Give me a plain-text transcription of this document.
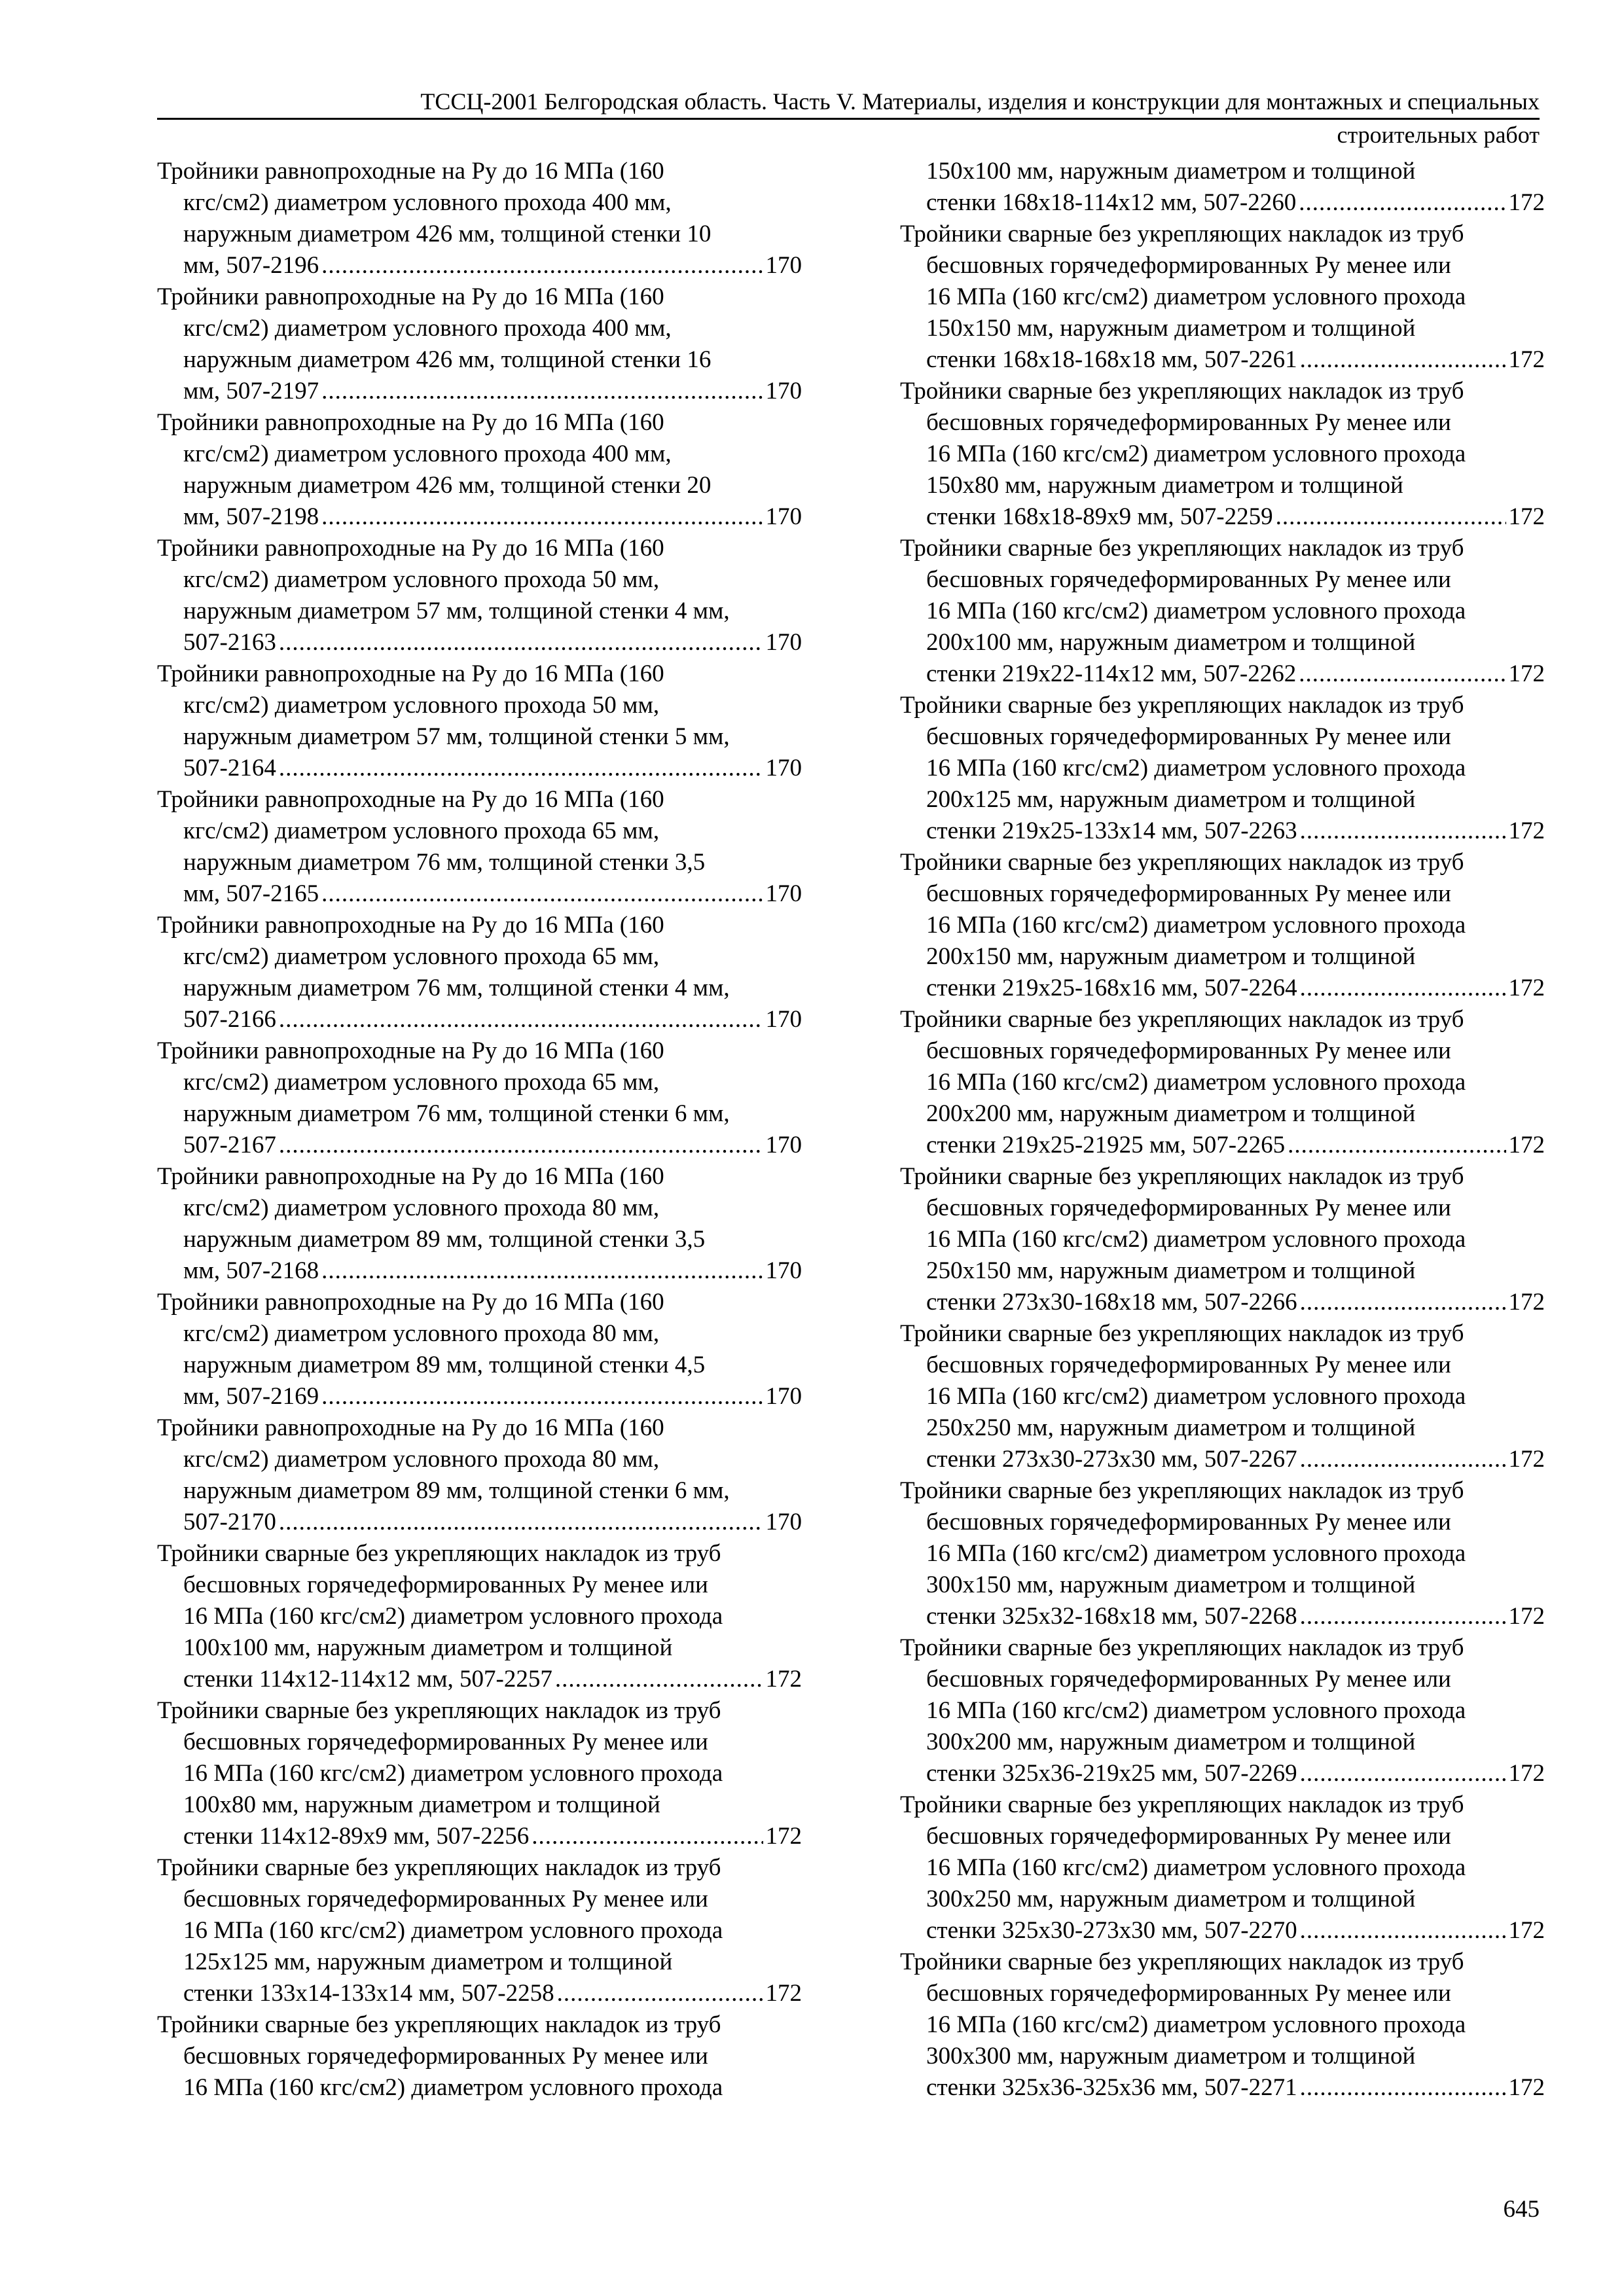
ТССЦ-2001 Белгородская область. Часть V. Материалы, изделия и конструкции для монтажных и специальных
строительных работ
Тройники равнопроходные на Ру до 16 МПа (160
кгс/см2) диаметром условного прохода 400 мм,
наружным диаметром 426 мм, толщиной стенки 10
мм, 507-2196 .....	170
Тройники равнопроходные на Ру до 16 МПа (160
кгс/см2) диаметром условного прохода 400 мм,
наружным диаметром 426 мм, толщиной стенки 16
мм, 507-2197 .....	170
Тройники равнопроходные на Ру до 16 МПа (160
кгс/см2) диаметром условного прохода 400 мм,
наружным диаметром 426 мм, толщиной стенки 20
мм, 507-2198 .....	170
Тройники равнопроходные на Ру до 16 МПа (160
кгс/см2) диаметром условного прохода 50 мм,
наружным диаметром 57 мм, толщиной стенки 4 мм,
507-2163 .....	170
Тройники равнопроходные на Ру до 16 МПа (160
кгс/см2) диаметром условного прохода 50 мм,
наружным диаметром 57 мм, толщиной стенки 5 мм,
507-2164 .....	170
Тройники равнопроходные на Ру до 16 МПа (160
кгс/см2) диаметром условного прохода 65 мм,
наружным диаметром 76 мм, толщиной стенки 3,5
мм, 507-2165 .....	170
Тройники равнопроходные на Ру до 16 МПа (160
кгс/см2) диаметром условного прохода 65 мм,
наружным диаметром 76 мм, толщиной стенки 4 мм,
507-2166 .....	170
Тройники равнопроходные на Ру до 16 МПа (160
кгс/см2) диаметром условного прохода 65 мм,
наружным диаметром 76 мм, толщиной стенки 6 мм,
507-2167 .....	170
Тройники равнопроходные на Ру до 16 МПа (160
кгс/см2) диаметром условного прохода 80 мм,
наружным диаметром 89 мм, толщиной стенки 3,5
мм, 507-2168 .....	170
Тройники равнопроходные на Ру до 16 МПа (160
кгс/см2) диаметром условного прохода 80 мм,
наружным диаметром 89 мм, толщиной стенки 4,5
мм, 507-2169 .....	170
Тройники равнопроходные на Ру до 16 МПа (160
кгс/см2) диаметром условного прохода 80 мм,
наружным диаметром 89 мм, толщиной стенки 6 мм,
507-2170 .....	170
Тройники сварные без укрепляющих накладок из труб
бесшовных горячедеформированных Ру менее или
16 МПа (160 кгс/см2) диаметром условного прохода
100х100 мм, наружным диаметром и толщиной
стенки 114х12-114х12 мм, 507-2257 .....	172
Тройники сварные без укрепляющих накладок из труб
бесшовных горячедеформированных Ру менее или
16 МПа (160 кгс/см2) диаметром условного прохода
100х80 мм, наружным диаметром и толщиной
стенки 114х12-89х9 мм, 507-2256 .....	172
Тройники сварные без укрепляющих накладок из труб
бесшовных горячедеформированных Ру менее или
16 МПа (160 кгс/см2) диаметром условного прохода
125х125 мм, наружным диаметром и толщиной
стенки 133х14-133х14 мм, 507-2258 .....	172
Тройники сварные без укрепляющих накладок из труб
бесшовных горячедеформированных Ру менее или
16 МПа (160 кгс/см2) диаметром условного прохода
150х100 мм, наружным диаметром и толщиной
стенки 168х18-114х12 мм, 507-2260 .....	172
Тройники сварные без укрепляющих накладок из труб
бесшовных горячедеформированных Ру менее или
16 МПа (160 кгс/см2) диаметром условного прохода
150х150 мм, наружным диаметром и толщиной
стенки 168х18-168х18 мм, 507-2261 .....	172
Тройники сварные без укрепляющих накладок из труб
бесшовных горячедеформированных Ру менее или
16 МПа (160 кгс/см2) диаметром условного прохода
150х80 мм, наружным диаметром и толщиной
стенки 168х18-89х9 мм, 507-2259 .....	172
Тройники сварные без укрепляющих накладок из труб
бесшовных горячедеформированных Ру менее или
16 МПа (160 кгс/см2) диаметром условного прохода
200х100 мм, наружным диаметром и толщиной
стенки 219х22-114х12 мм, 507-2262 .....	172
Тройники сварные без укрепляющих накладок из труб
бесшовных горячедеформированных Ру менее или
16 МПа (160 кгс/см2) диаметром условного прохода
200х125 мм, наружным диаметром и толщиной
стенки 219х25-133х14 мм, 507-2263 .....	172
Тройники сварные без укрепляющих накладок из труб
бесшовных горячедеформированных Ру менее или
16 МПа (160 кгс/см2) диаметром условного прохода
200х150 мм, наружным диаметром и толщиной
стенки 219х25-168х16 мм, 507-2264 .....	172
Тройники сварные без укрепляющих накладок из труб
бесшовных горячедеформированных Ру менее или
16 МПа (160 кгс/см2) диаметром условного прохода
200х200 мм, наружным диаметром и толщиной
стенки 219х25-21925 мм, 507-2265 .....	172
Тройники сварные без укрепляющих накладок из труб
бесшовных горячедеформированных Ру менее или
16 МПа (160 кгс/см2) диаметром условного прохода
250х150 мм, наружным диаметром и толщиной
стенки 273х30-168х18 мм, 507-2266 .....	172
Тройники сварные без укрепляющих накладок из труб
бесшовных горячедеформированных Ру менее или
16 МПа (160 кгс/см2) диаметром условного прохода
250х250 мм, наружным диаметром и толщиной
стенки 273х30-273х30 мм, 507-2267 .....	172
Тройники сварные без укрепляющих накладок из труб
бесшовных горячедеформированных Ру менее или
16 МПа (160 кгс/см2) диаметром условного прохода
300х150 мм, наружным диаметром и толщиной
стенки 325х32-168х18 мм, 507-2268 .....	172
Тройники сварные без укрепляющих накладок из труб
бесшовных горячедеформированных Ру менее или
16 МПа (160 кгс/см2) диаметром условного прохода
300х200 мм, наружным диаметром и толщиной
стенки 325х36-219х25 мм, 507-2269 .....	172
Тройники сварные без укрепляющих накладок из труб
бесшовных горячедеформированных Ру менее или
16 МПа (160 кгс/см2) диаметром условного прохода
300х250 мм, наружным диаметром и толщиной
стенки 325х30-273х30 мм, 507-2270 .....	172
Тройники сварные без укрепляющих накладок из труб
бесшовных горячедеформированных Ру менее или
16 МПа (160 кгс/см2) диаметром условного прохода
300х300 мм, наружным диаметром и толщиной
стенки 325х36-325х36 мм, 507-2271 .....	172
645
